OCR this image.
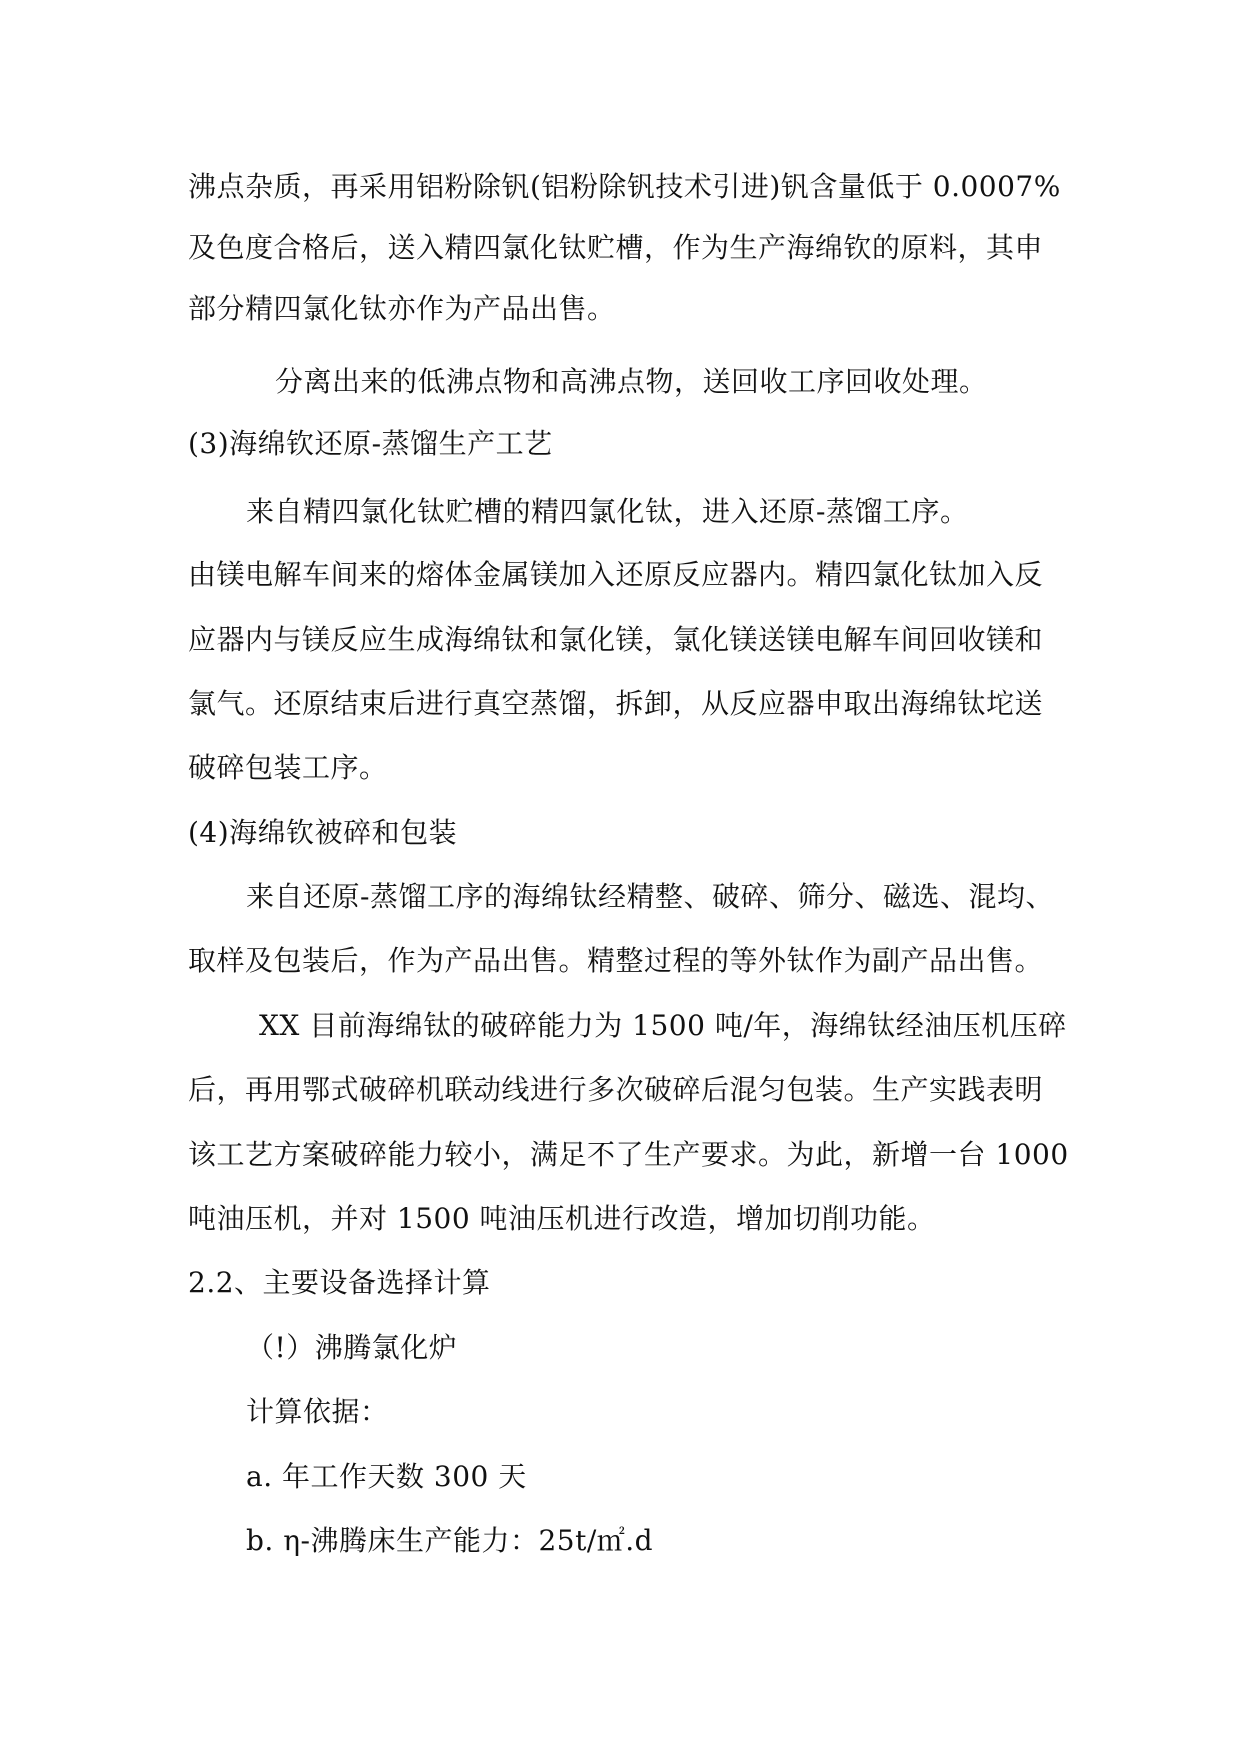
沸点杂质，再采用铝粉除钒(铝粉除钒技术引进)钒含量低于 0.0007%
及色度合格后，送入精四氯化钛贮槽，作为生产海绵钦的原料，其申
部分精四氯化钛亦作为产品出售。
分离出来的低沸点物和高沸点物，送回收工序回收处理。
(3)海绵钦还原-蒸馏生产工艺
来自精四氯化钛贮槽的精四氯化钛，进入还原-蒸馏工序。
由镁电解车间来的熔体金属镁加入还原反应器内。精四氯化钛加入反
应器内与镁反应生成海绵钛和氯化镁，氯化镁送镁电解车间回收镁和
氯气。还原结束后进行真空蒸馏，拆卸，从反应器申取出海绵钛坨送
破碎包装工序。
(4)海绵钦被碎和包装
来自还原-蒸馏工序的海绵钛经精整、破碎、筛分、磁选、混均、
取样及包装后，作为产品出售。精整过程的等外钛作为副产品出售。
XX 目前海绵钛的破碎能力为 1500 吨/年，海绵钛经油压机压碎
后，再用鄂式破碎机联动线进行多次破碎后混匀包装。生产实践表明
该工艺方案破碎能力较小，满足不了生产要求。为此，新增一台 1000
吨油压机，并对 1500 吨油压机进行改造，增加切削功能。
2.2、主要设备选择计算
（!）沸腾氯化炉
计算依据：
a. 年工作天数 300 天
b. η-沸腾床生产能力：25t/㎡.d
